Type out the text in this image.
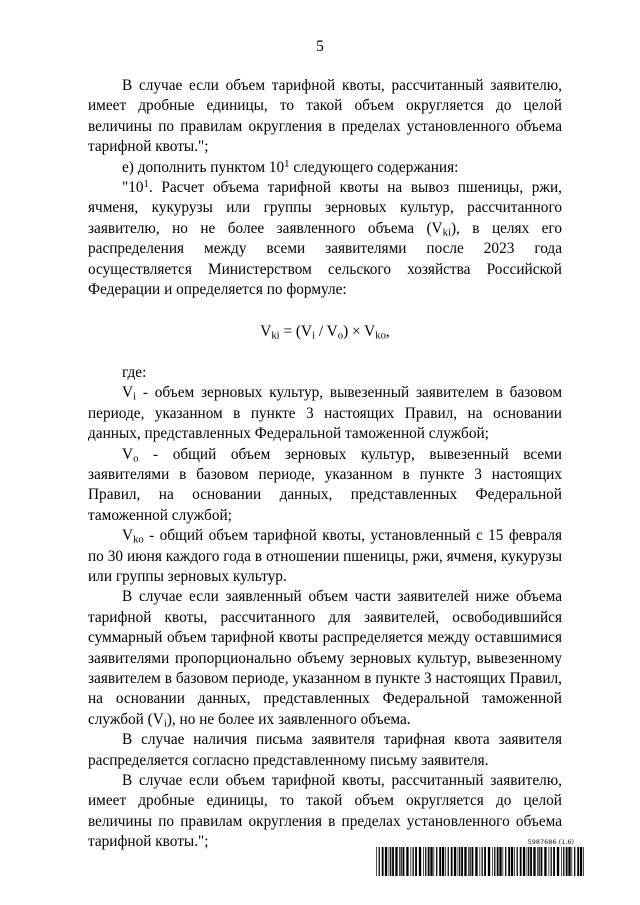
5

В случае если объем тарифной квоты, рассчитанный заявителю, имеет дробные единицы, то такой объем округляется до целой величины по правилам округления в пределах установленного объема тарифной квоты.";

е) дополнить пунктом $10^1$ следующего содержания:

"$10^1$. Расчет объема тарифной квоты на вывоз пшеницы, ржи, ячменя, кукурузы или группы зерновых культур, рассчитанного заявителю, но не более заявленного объема $(V_{ki})$, в целях его распределения между всеми заявителями после 2023 года осуществляется Министерством сельского хозяйства Российской Федерации и определяется по формуле:

$V_{ki} = (V_i / V_o) \times V_{ko}$,

где:

$V_i$ - объем зерновых культур, вывезенный заявителем в базовом периоде, указанном в пункте 3 настоящих Правил, на основании данных, представленных Федеральной таможенной службой;

$V_o$ - общий объем зерновых культур, вывезенный всеми заявителями в базовом периоде, указанном в пункте 3 настоящих Правил, на основании данных, представленных Федеральной таможенной службой;

$V_{ko}$ - общий объем тарифной квоты, установленный с 15 февраля по 30 июня каждого года в отношении пшеницы, ржи, ячменя, кукурузы или группы зерновых культур.

В случае если заявленный объем части заявителей ниже объема тарифной квоты, рассчитанного для заявителей, освободившийся суммарный объем тарифной квоты распределяется между оставшимися заявителями пропорционально объему зерновых культур, вывезенному заявителем в базовом периоде, указанном в пункте 3 настоящих Правил, на основании данных, представленных Федеральной таможенной службой $(V_i)$, но не более их заявленного объема.

В случае наличия письма заявителя тарифная квота заявителя распределяется согласно представленному письму заявителя.

В случае если объем тарифной квоты, рассчитанный заявителю, имеет дробные единицы, то такой объем округляется до целой величины по правилам округления в пределах установленного объема тарифной квоты.";	5987686 (1.6)
